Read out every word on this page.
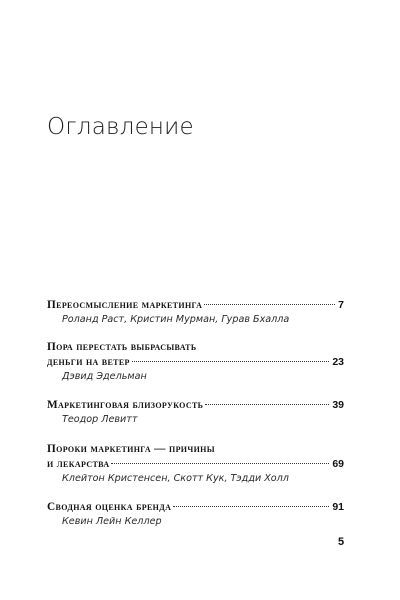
Оглавление
Переосмысление маркетинга	7
Роланд Раст, Кристин Мурман, Гурав Бхалла
Пора перестать выбрасывать
деньги на ветер	23
Дэвид Эдельман
Маркетинговая близорукость	39
Теодор Левитт
Пороки маркетинга — причины
и лекарства	69
Клейтон Кристенсен, Скотт Кук, Тэдди Холл
Сводная оценка бренда	91
Кевин Лейн Келлер
5
